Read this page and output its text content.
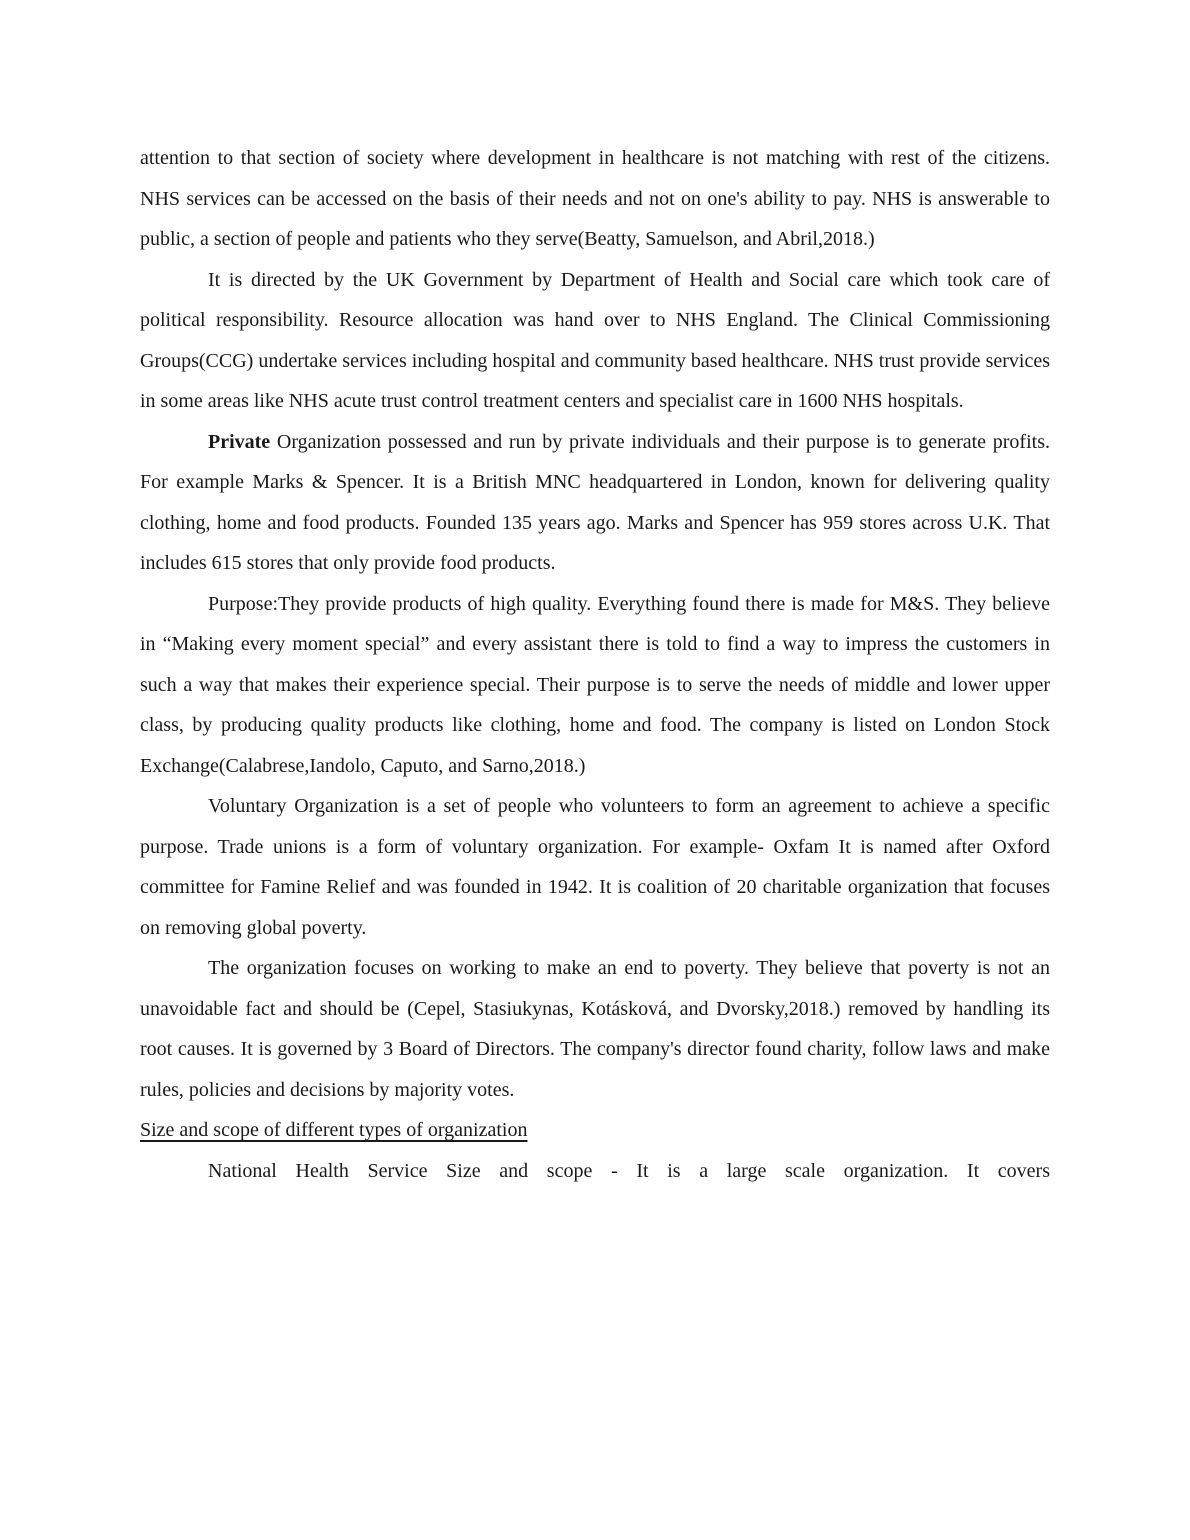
attention to that section of society where development in healthcare is not matching with rest of the citizens. NHS services can be accessed on the basis of their needs and not on one's ability to pay. NHS is answerable to public, a section of people and patients who they serve(Beatty, Samuelson, and Abril,2018.)

It is directed by the UK Government by Department of Health and Social care which took care of political responsibility. Resource allocation was hand over to NHS England. The Clinical Commissioning Groups(CCG) undertake services including hospital and community based healthcare. NHS trust provide services in some areas like NHS acute trust control treatment centers and specialist care in 1600 NHS hospitals.

Private Organization possessed and run by private individuals and their purpose is to generate profits. For example Marks & Spencer. It is a British MNC headquartered in London, known for delivering quality clothing, home and food products. Founded 135 years ago. Marks and Spencer has 959 stores across U.K. That includes 615 stores that only provide food products.

Purpose:They provide products of high quality. Everything found there is made for M&S. They believe in “Making every moment special” and every assistant there is told to find a way to impress the customers in such a way that makes their experience special. Their purpose is to serve the needs of middle and lower upper class, by producing quality products like clothing, home and food. The company is listed on London Stock Exchange(Calabrese,Iandolo, Caputo, and Sarno,2018.)

Voluntary Organization is a set of people who volunteers to form an agreement to achieve a specific purpose. Trade unions is a form of voluntary organization. For example- Oxfam It is named after Oxford committee for Famine Relief and was founded in 1942. It is coalition of 20 charitable organization that focuses on removing global poverty.

The organization focuses on working to make an end to poverty. They believe that poverty is not an unavoidable fact and should be (Cepel, Stasiukynas, Kotásková, and Dvorsky,2018.) removed by handling its root causes. It is governed by 3 Board of Directors. The company's director found charity, follow laws and make rules, policies and decisions by majority votes.

Size and scope of different types of organization

National Health Service Size and scope - It is a large scale organization. It covers
